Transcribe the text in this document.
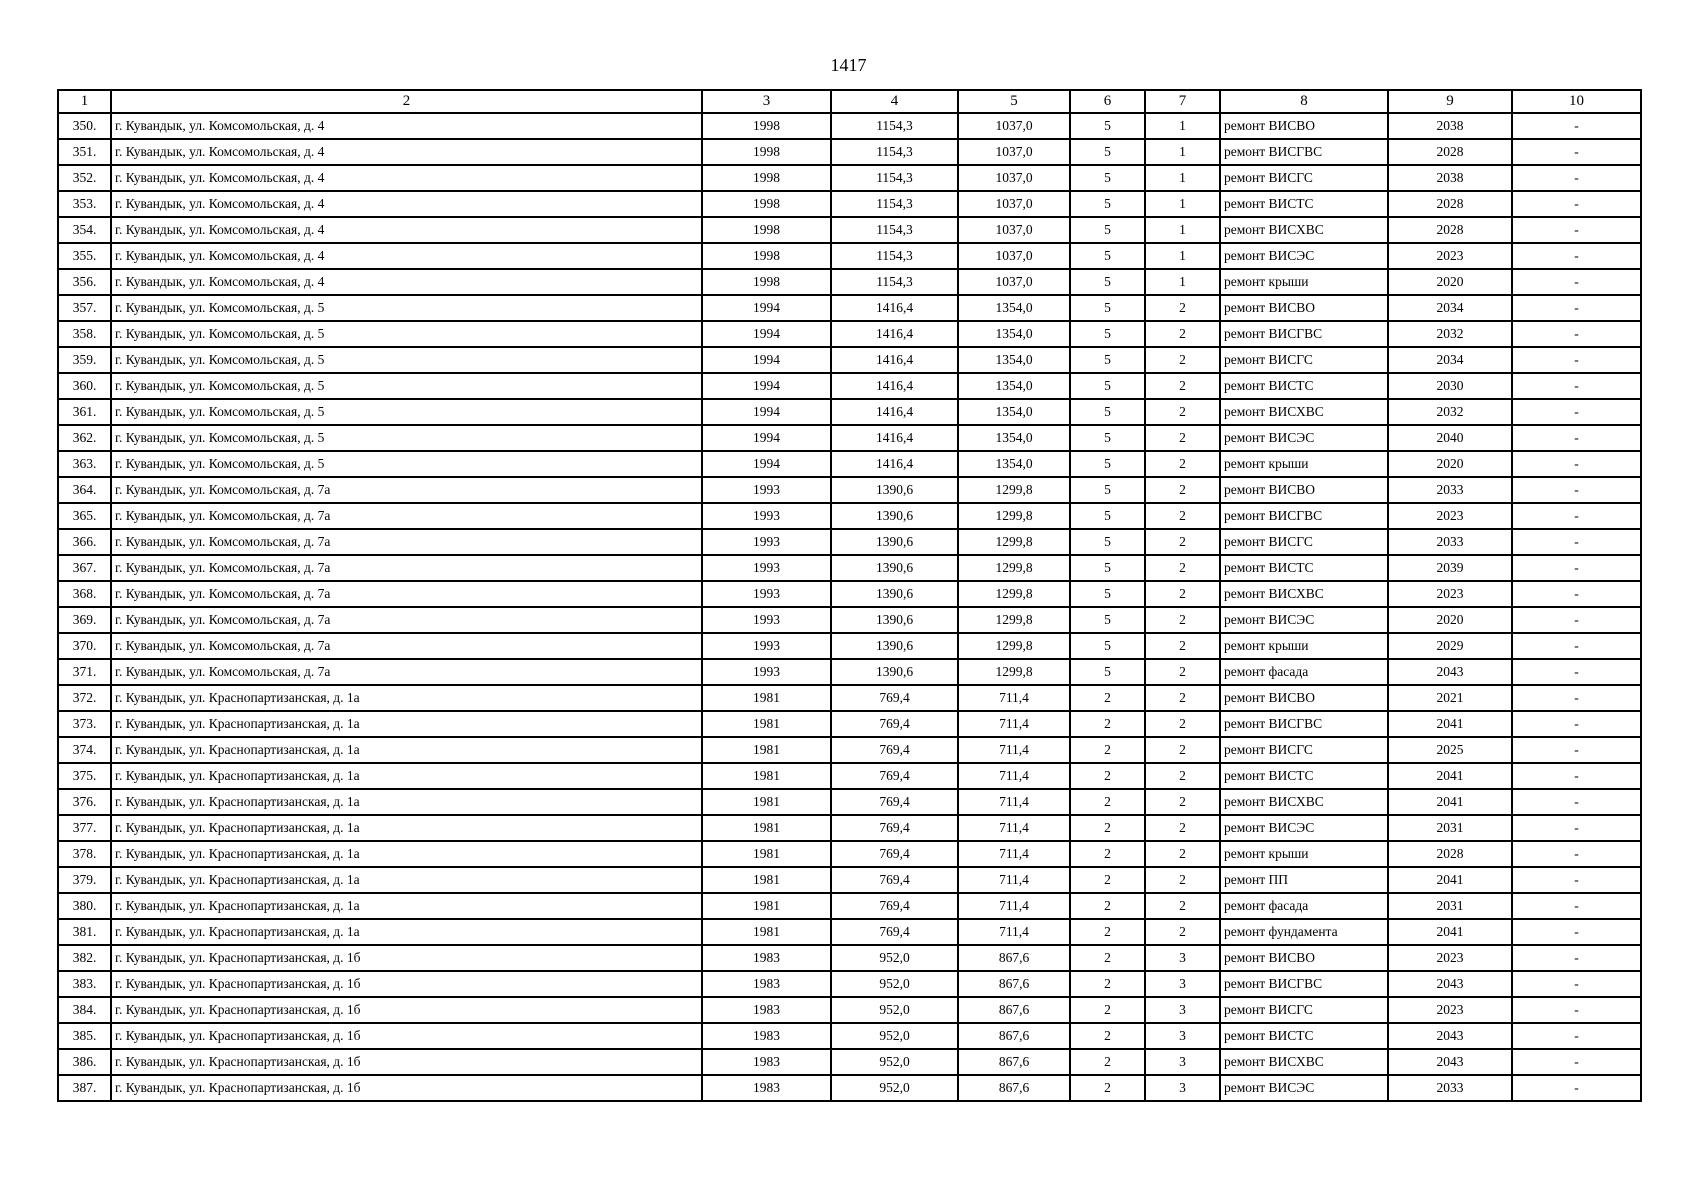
1417
1	2	3	4	5	6	7	8	9	10
350.	г. Кувандык, ул. Комсомольская, д. 4	1998	1154,3	1037,0	5	1	ремонт ВИСВО	2038	-
351.	г. Кувандык, ул. Комсомольская, д. 4	1998	1154,3	1037,0	5	1	ремонт ВИСГВС	2028	-
352.	г. Кувандык, ул. Комсомольская, д. 4	1998	1154,3	1037,0	5	1	ремонт ВИСГС	2038	-
353.	г. Кувандык, ул. Комсомольская, д. 4	1998	1154,3	1037,0	5	1	ремонт ВИСТС	2028	-
354.	г. Кувандык, ул. Комсомольская, д. 4	1998	1154,3	1037,0	5	1	ремонт ВИСХВС	2028	-
355.	г. Кувандык, ул. Комсомольская, д. 4	1998	1154,3	1037,0	5	1	ремонт ВИСЭС	2023	-
356.	г. Кувандык, ул. Комсомольская, д. 4	1998	1154,3	1037,0	5	1	ремонт крыши	2020	-
357.	г. Кувандык, ул. Комсомольская, д. 5	1994	1416,4	1354,0	5	2	ремонт ВИСВО	2034	-
358.	г. Кувандык, ул. Комсомольская, д. 5	1994	1416,4	1354,0	5	2	ремонт ВИСГВС	2032	-
359.	г. Кувандык, ул. Комсомольская, д. 5	1994	1416,4	1354,0	5	2	ремонт ВИСГС	2034	-
360.	г. Кувандык, ул. Комсомольская, д. 5	1994	1416,4	1354,0	5	2	ремонт ВИСТС	2030	-
361.	г. Кувандык, ул. Комсомольская, д. 5	1994	1416,4	1354,0	5	2	ремонт ВИСХВС	2032	-
362.	г. Кувандык, ул. Комсомольская, д. 5	1994	1416,4	1354,0	5	2	ремонт ВИСЭС	2040	-
363.	г. Кувандык, ул. Комсомольская, д. 5	1994	1416,4	1354,0	5	2	ремонт крыши	2020	-
364.	г. Кувандык, ул. Комсомольская, д. 7а	1993	1390,6	1299,8	5	2	ремонт ВИСВО	2033	-
365.	г. Кувандык, ул. Комсомольская, д. 7а	1993	1390,6	1299,8	5	2	ремонт ВИСГВС	2023	-
366.	г. Кувандык, ул. Комсомольская, д. 7а	1993	1390,6	1299,8	5	2	ремонт ВИСГС	2033	-
367.	г. Кувандык, ул. Комсомольская, д. 7а	1993	1390,6	1299,8	5	2	ремонт ВИСТС	2039	-
368.	г. Кувандык, ул. Комсомольская, д. 7а	1993	1390,6	1299,8	5	2	ремонт ВИСХВС	2023	-
369.	г. Кувандык, ул. Комсомольская, д. 7а	1993	1390,6	1299,8	5	2	ремонт ВИСЭС	2020	-
370.	г. Кувандык, ул. Комсомольская, д. 7а	1993	1390,6	1299,8	5	2	ремонт крыши	2029	-
371.	г. Кувандык, ул. Комсомольская, д. 7а	1993	1390,6	1299,8	5	2	ремонт фасада	2043	-
372.	г. Кувандык, ул. Краснопартизанская, д. 1а	1981	769,4	711,4	2	2	ремонт ВИСВО	2021	-
373.	г. Кувандык, ул. Краснопартизанская, д. 1а	1981	769,4	711,4	2	2	ремонт ВИСГВС	2041	-
374.	г. Кувандык, ул. Краснопартизанская, д. 1а	1981	769,4	711,4	2	2	ремонт ВИСГС	2025	-
375.	г. Кувандык, ул. Краснопартизанская, д. 1а	1981	769,4	711,4	2	2	ремонт ВИСТС	2041	-
376.	г. Кувандык, ул. Краснопартизанская, д. 1а	1981	769,4	711,4	2	2	ремонт ВИСХВС	2041	-
377.	г. Кувандык, ул. Краснопартизанская, д. 1а	1981	769,4	711,4	2	2	ремонт ВИСЭС	2031	-
378.	г. Кувандык, ул. Краснопартизанская, д. 1а	1981	769,4	711,4	2	2	ремонт крыши	2028	-
379.	г. Кувандык, ул. Краснопартизанская, д. 1а	1981	769,4	711,4	2	2	ремонт ПП	2041	-
380.	г. Кувандык, ул. Краснопартизанская, д. 1а	1981	769,4	711,4	2	2	ремонт фасада	2031	-
381.	г. Кувандык, ул. Краснопартизанская, д. 1а	1981	769,4	711,4	2	2	ремонт фундамента	2041	-
382.	г. Кувандык, ул. Краснопартизанская, д. 1б	1983	952,0	867,6	2	3	ремонт ВИСВО	2023	-
383.	г. Кувандык, ул. Краснопартизанская, д. 1б	1983	952,0	867,6	2	3	ремонт ВИСГВС	2043	-
384.	г. Кувандык, ул. Краснопартизанская, д. 1б	1983	952,0	867,6	2	3	ремонт ВИСГС	2023	-
385.	г. Кувандык, ул. Краснопартизанская, д. 1б	1983	952,0	867,6	2	3	ремонт ВИСТС	2043	-
386.	г. Кувандык, ул. Краснопартизанская, д. 1б	1983	952,0	867,6	2	3	ремонт ВИСХВС	2043	-
387.	г. Кувандык, ул. Краснопартизанская, д. 1б	1983	952,0	867,6	2	3	ремонт ВИСЭС	2033	-
